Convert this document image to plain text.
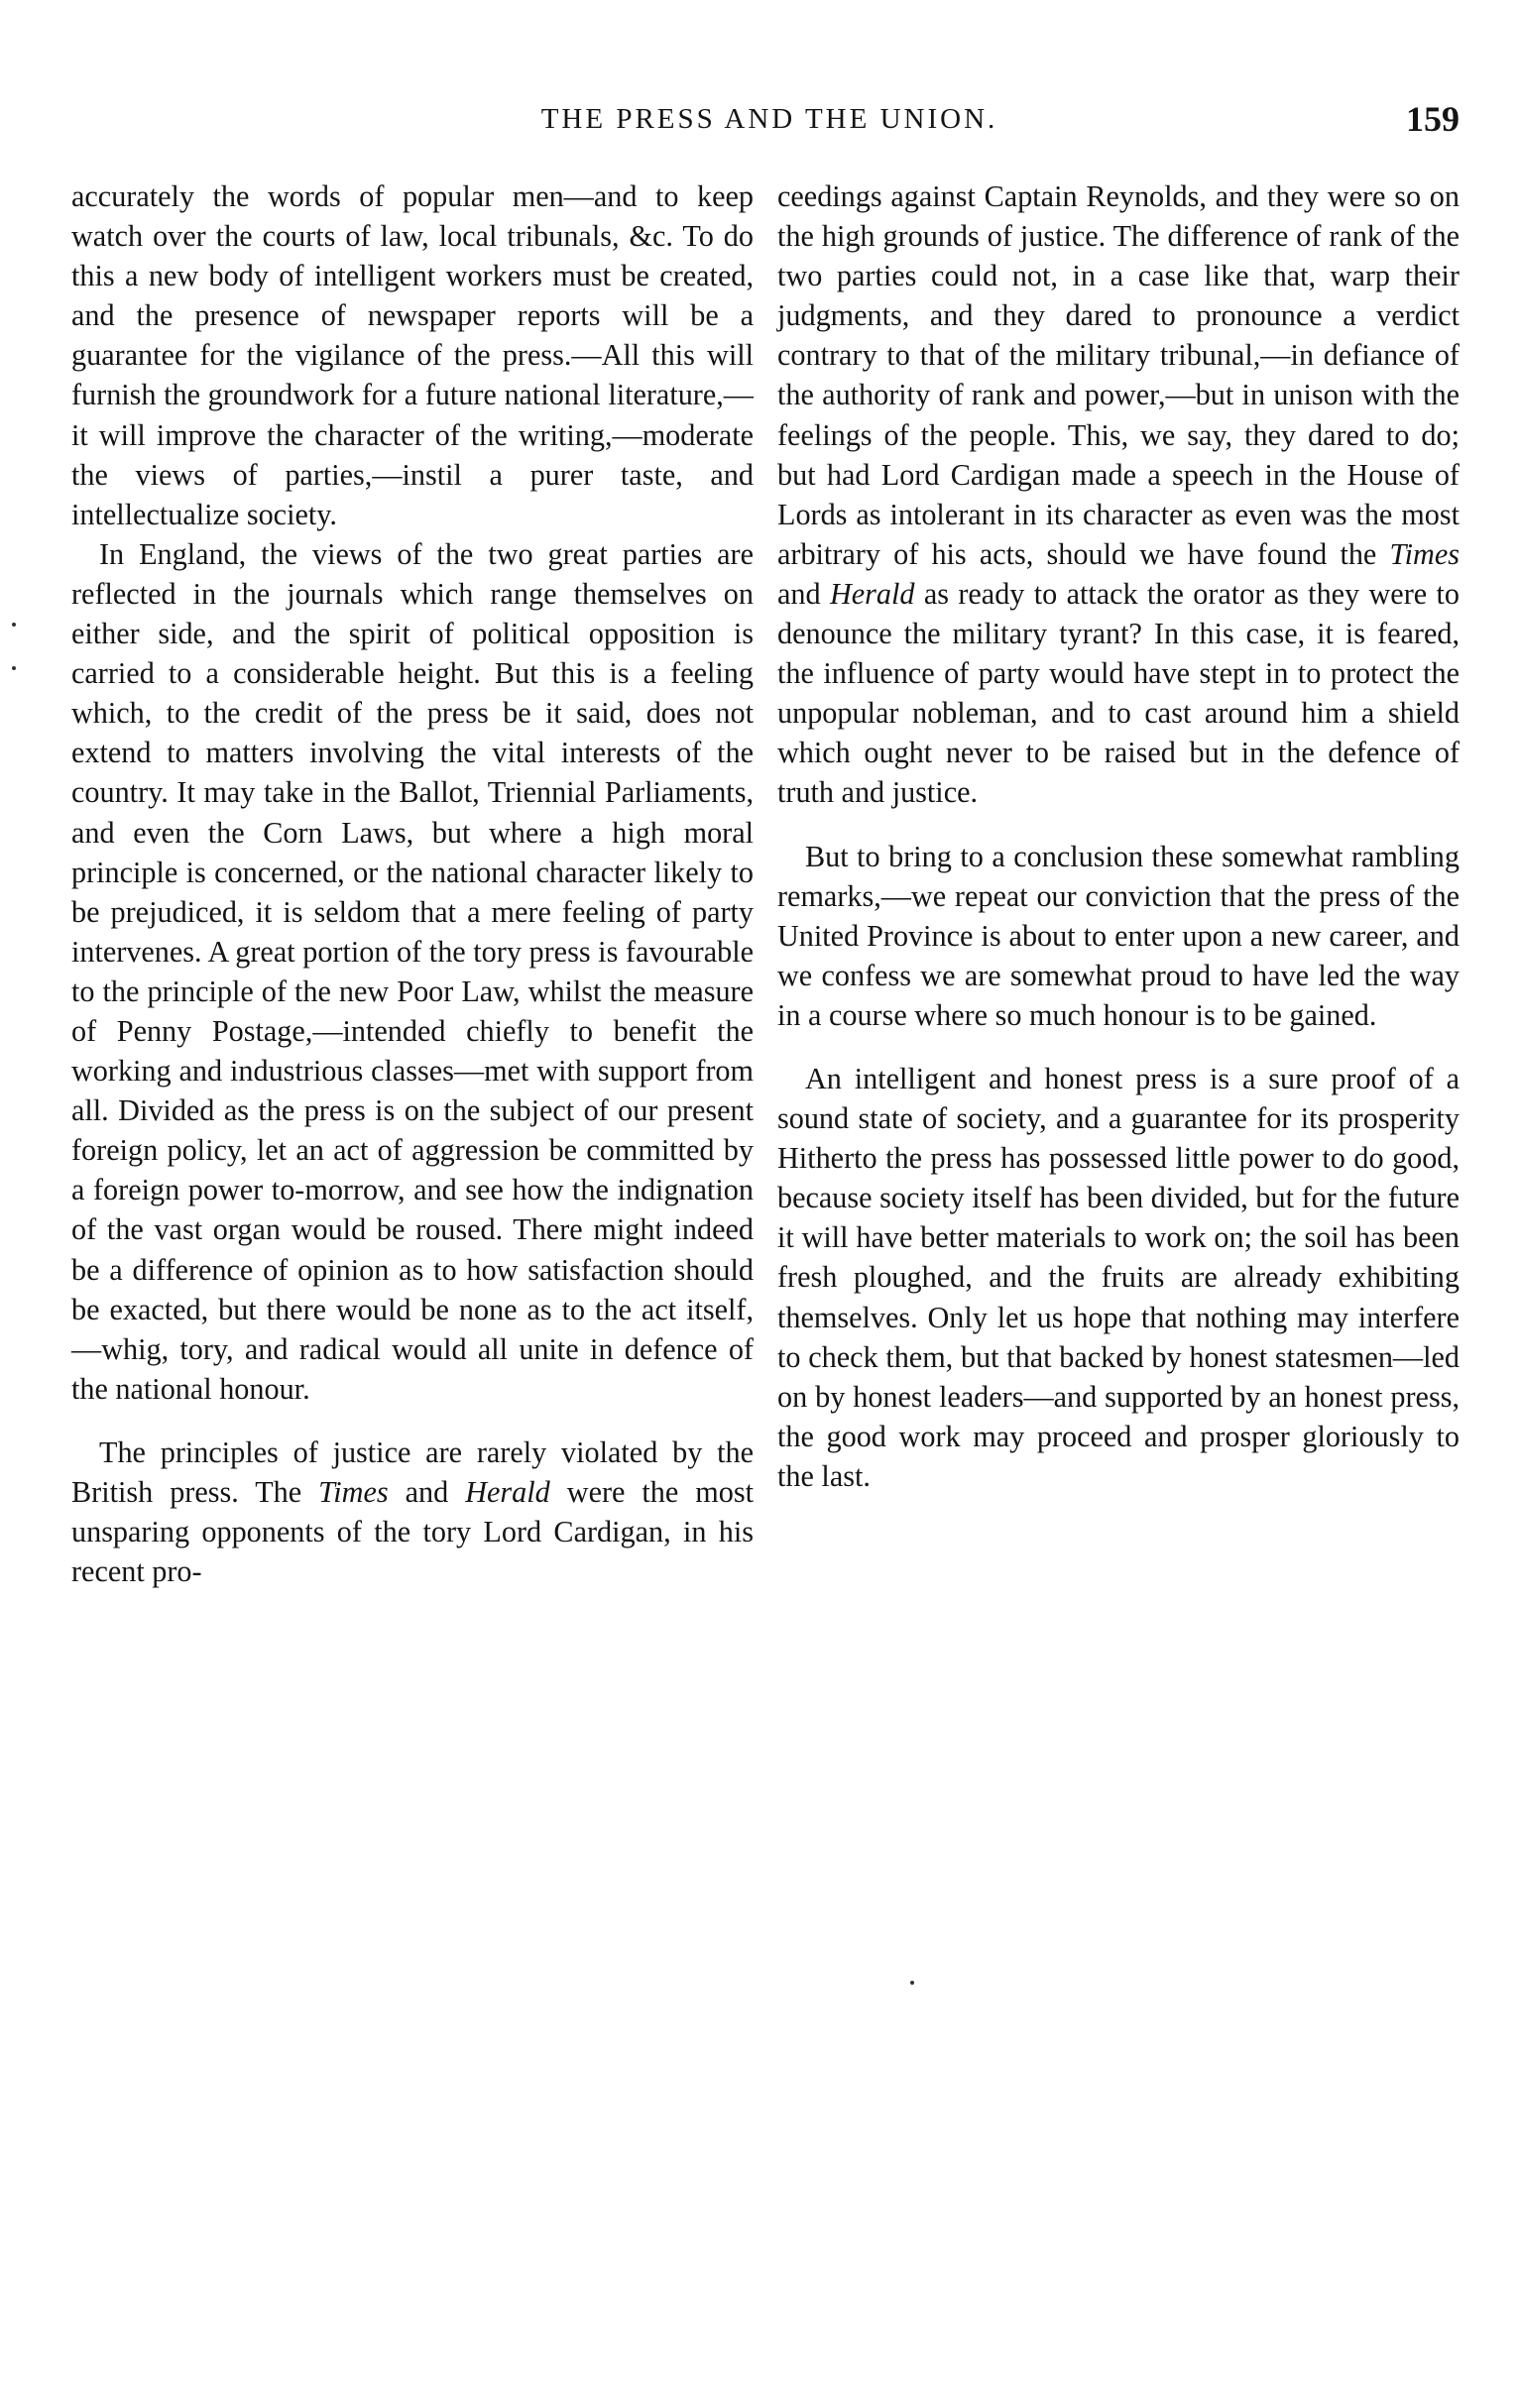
THE PRESS AND THE UNION.	159

accurately the words of popular men—and to keep watch over the courts of law, local tribunals, &c. To do this a new body of intelligent workers must be created, and the presence of newspaper reports will be a guarantee for the vigilance of the press.—All this will furnish the groundwork for a future national literature,—it will improve the character of the writing,—moderate the views of parties,—instil a purer taste, and intellectualize society.

In England, the views of the two great parties are reflected in the journals which range themselves on either side, and the spirit of political opposition is carried to a considerable height. But this is a feeling which, to the credit of the press be it said, does not extend to matters involving the vital interests of the country. It may take in the Ballot, Triennial Parliaments, and even the Corn Laws, but where a high moral principle is concerned, or the national character likely to be prejudiced, it is seldom that a mere feeling of party intervenes. A great portion of the tory press is favourable to the principle of the new Poor Law, whilst the measure of Penny Postage,—intended chiefly to benefit the working and industrious classes—met with support from all. Divided as the press is on the subject of our present foreign policy, let an act of aggression be committed by a foreign power to-morrow, and see how the indignation of the vast organ would be roused. There might indeed be a difference of opinion as to how satisfaction should be exacted, but there would be none as to the act itself,—whig, tory, and radical would all unite in defence of the national honour.

The principles of justice are rarely violated by the British press. The Times and Herald were the most unsparing opponents of the tory Lord Cardigan, in his recent pro-

ceedings against Captain Reynolds, and they were so on the high grounds of justice. The difference of rank of the two parties could not, in a case like that, warp their judgments, and they dared to pronounce a verdict contrary to that of the military tribunal,—in defiance of the authority of rank and power,—but in unison with the feelings of the people. This, we say, they dared to do; but had Lord Cardigan made a speech in the House of Lords as intolerant in its character as even was the most arbitrary of his acts, should we have found the Times and Herald as ready to attack the orator as they were to denounce the military tyrant? In this case, it is feared, the influence of party would have stept in to protect the unpopular nobleman, and to cast around him a shield which ought never to be raised but in the defence of truth and justice.

But to bring to a conclusion these somewhat rambling remarks,—we repeat our conviction that the press of the United Province is about to enter upon a new career, and we confess we are somewhat proud to have led the way in a course where so much honour is to be gained.

An intelligent and honest press is a sure proof of a sound state of society, and a guarantee for its prosperity Hitherto the press has possessed little power to do good, because society itself has been divided, but for the future it will have better materials to work on; the soil has been fresh ploughed, and the fruits are already exhibiting themselves. Only let us hope that nothing may interfere to check them, but that backed by honest statesmen—led on by honest leaders—and supported by an honest press, the good work may proceed and prosper gloriously to the last.
